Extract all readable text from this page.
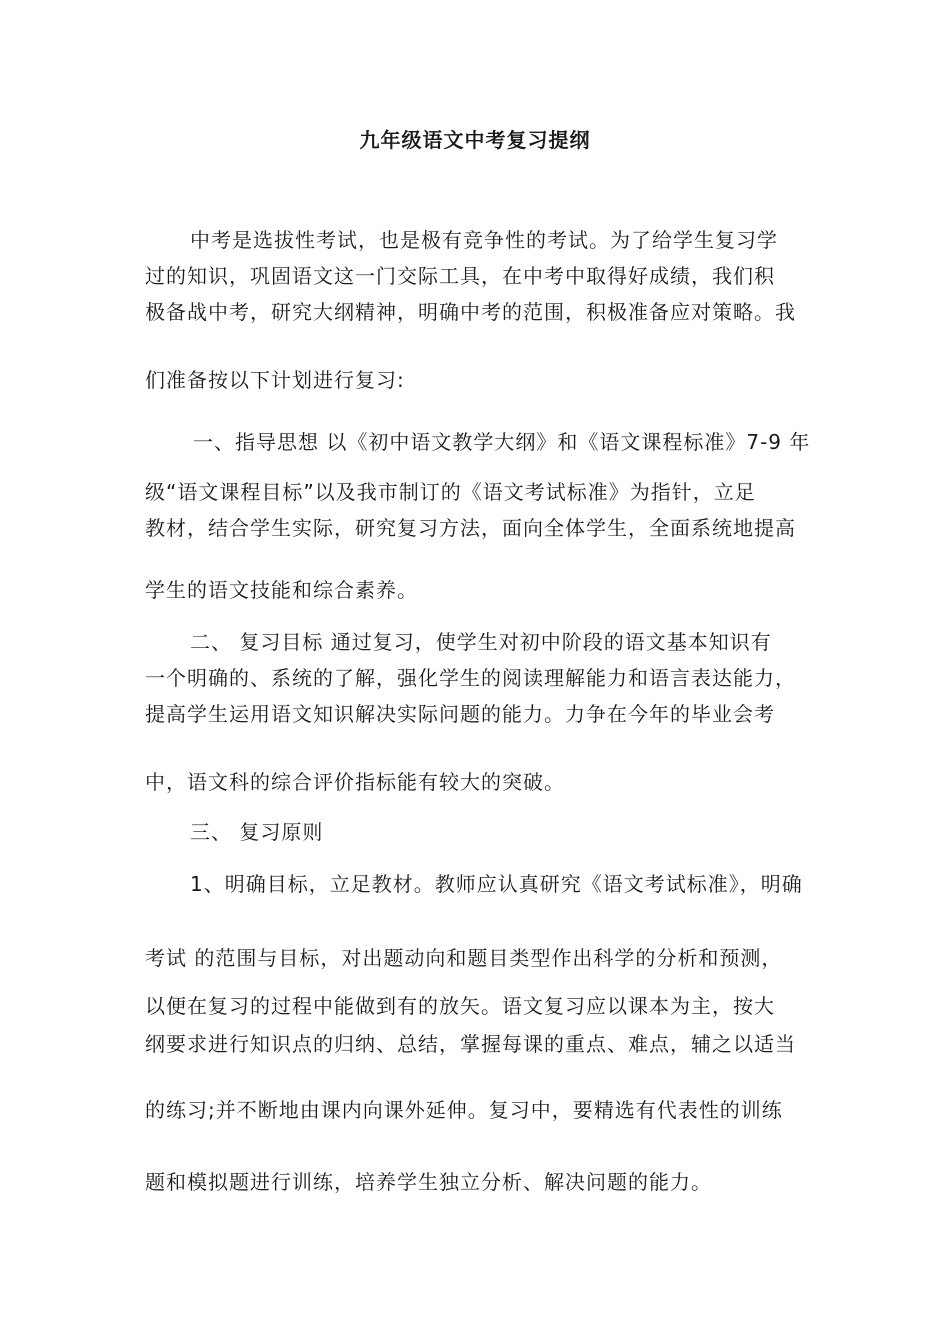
九年级语文中考复习提纲
中考是选拔性考试，也是极有竞争性的考试。为了给学生复习学
过的知识，巩固语文这一门交际工具，在中考中取得好成绩，我们积
极备战中考，研究大纲精神，明确中考的范围，积极准备应对策略。我
们准备按以下计划进行复习:
一、指导思想 以《初中语文教学大纲》和《语文课程标准》7-9 年
级“语文课程目标”以及我市制订的《语文考试标准》为指针，立足
教材，结合学生实际，研究复习方法，面向全体学生，全面系统地提高
学生的语文技能和综合素养。
二、 复习目标 通过复习，使学生对初中阶段的语文基本知识有
一个明确的、系统的了解，强化学生的阅读理解能力和语言表达能力，
提高学生运用语文知识解决实际问题的能力。力争在今年的毕业会考
中，语文科的综合评价指标能有较大的突破。
三、 复习原则
1、明确目标，立足教材。教师应认真研究《语文考试标准》，明确
考试 的范围与目标，对出题动向和题目类型作出科学的分析和预测，
以便在复习的过程中能做到有的放矢。语文复习应以课本为主，按大
纲要求进行知识点的归纳、总结，掌握每课的重点、难点，辅之以适当
的练习;并不断地由课内向课外延伸。复习中，要精选有代表性的训练
题和模拟题进行训练，培养学生独立分析、解决问题的能力。
